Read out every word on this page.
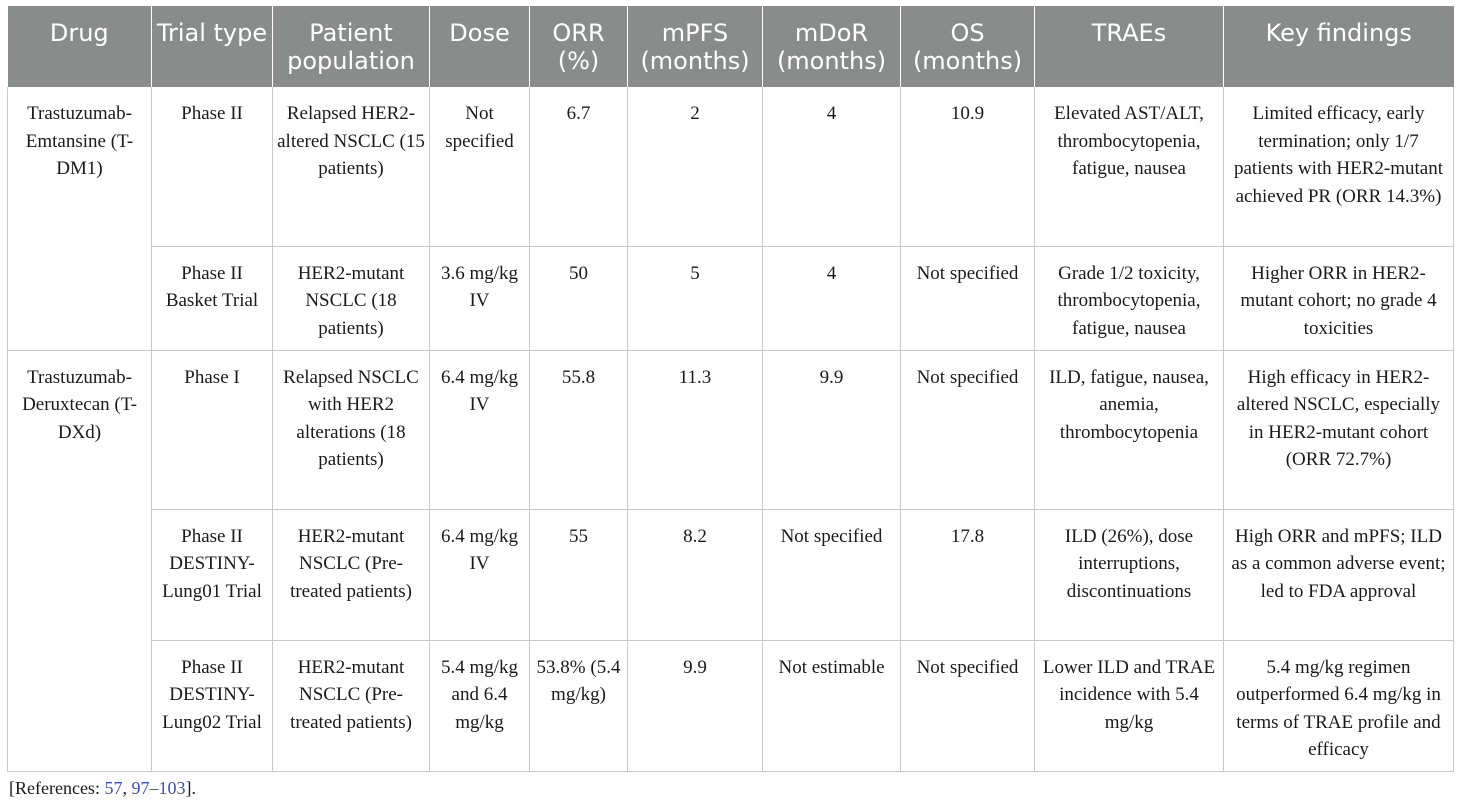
Drug	Trial type	Patient population	Dose	ORR (%)	mPFS (months)	mDoR (months)	OS (months)	TRAEs	Key findings
Trastuzumab-Emtansine (T-DM1)	Phase II	Relapsed HER2-altered NSCLC (15 patients)	Not specified	6.7	2	4	10.9	Elevated AST/ALT, thrombocytopenia, fatigue, nausea	Limited efficacy, early termination; only 1/7 patients with HER2-mutant achieved PR (ORR 14.3%)
	Phase II Basket Trial	HER2-mutant NSCLC (18 patients)	3.6 mg/kg IV	50	5	4	Not specified	Grade 1/2 toxicity, thrombocytopenia, fatigue, nausea	Higher ORR in HER2-mutant cohort; no grade 4 toxicities
Trastuzumab-Deruxtecan (T-DXd)	Phase I	Relapsed NSCLC with HER2 alterations (18 patients)	6.4 mg/kg IV	55.8	11.3	9.9	Not specified	ILD, fatigue, nausea, anemia, thrombocytopenia	High efficacy in HER2-altered NSCLC, especially in HER2-mutant cohort (ORR 72.7%)
	Phase II DESTINY-Lung01 Trial	HER2-mutant NSCLC (Pre-treated patients)	6.4 mg/kg IV	55	8.2	Not specified	17.8	ILD (26%), dose interruptions, discontinuations	High ORR and mPFS; ILD as a common adverse event; led to FDA approval
	Phase II DESTINY-Lung02 Trial	HER2-mutant NSCLC (Pre-treated patients)	5.4 mg/kg and 6.4 mg/kg	53.8% (5.4 mg/kg)	9.9	Not estimable	Not specified	Lower ILD and TRAE incidence with 5.4 mg/kg	5.4 mg/kg regimen outperformed 6.4 mg/kg in terms of TRAE profile and efficacy
[References: 57, 97–103].
